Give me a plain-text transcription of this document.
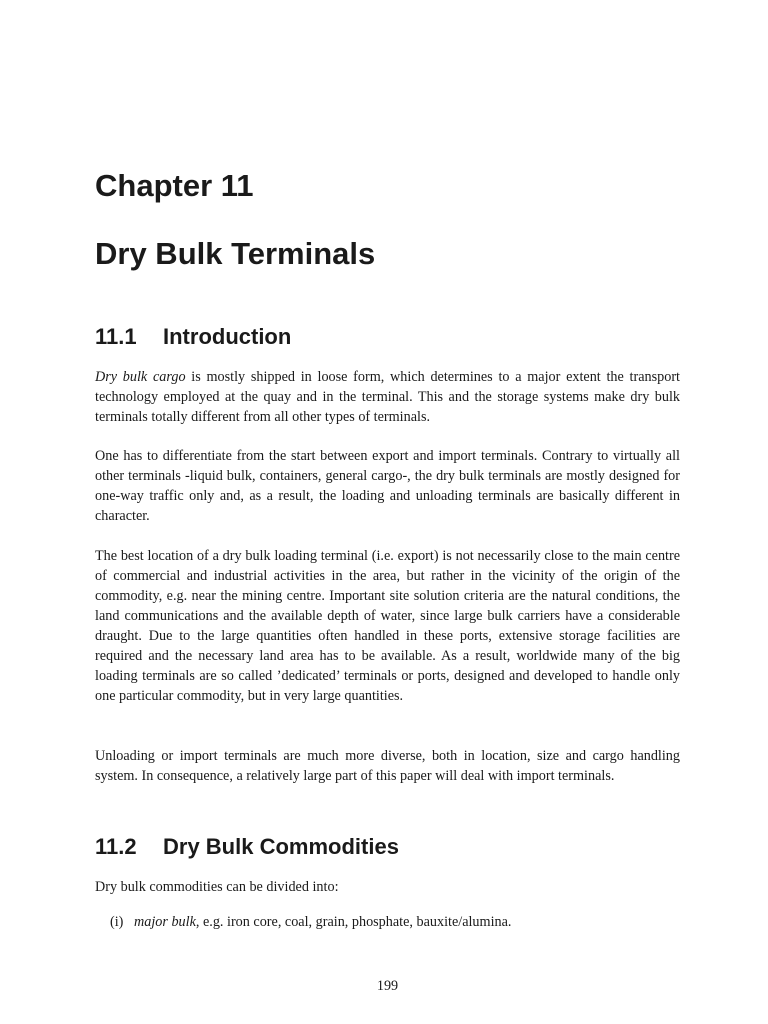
Chapter 11
Dry Bulk Terminals
11.1 Introduction

Dry bulk cargo is mostly shipped in loose form, which determines to a major extent the transport technology employed at the quay and in the terminal. This and the storage systems make dry bulk terminals totally different from all other types of terminals.

One has to differentiate from the start between export and import terminals. Contrary to virtually all other terminals -liquid bulk, containers, general cargo-, the dry bulk terminals are mostly designed for one-way traffic only and, as a result, the loading and unloading terminals are basically different in character.

The best location of a dry bulk loading terminal (i.e. export) is not necessarily close to the main centre of commercial and industrial activities in the area, but rather in the vicinity of the origin of the commodity, e.g. near the mining centre. Important site solution criteria are the natural conditions, the land communications and the available depth of water, since large bulk carriers have a considerable draught. Due to the large quantities often handled in these ports, extensive storage facilities are required and the necessary land area has to be available. As a result, worldwide many of the big loading terminals are so called ’dedicated’ terminals or ports, designed and developed to handle only one particular commodity, but in very large quantities.

Unloading or import terminals are much more diverse, both in location, size and cargo handling system. In consequence, a relatively large part of this paper will deal with import terminals.

11.2 Dry Bulk Commodities

Dry bulk commodities can be divided into:

(i) major bulk, e.g. iron core, coal, grain, phosphate, bauxite/alumina.

199
